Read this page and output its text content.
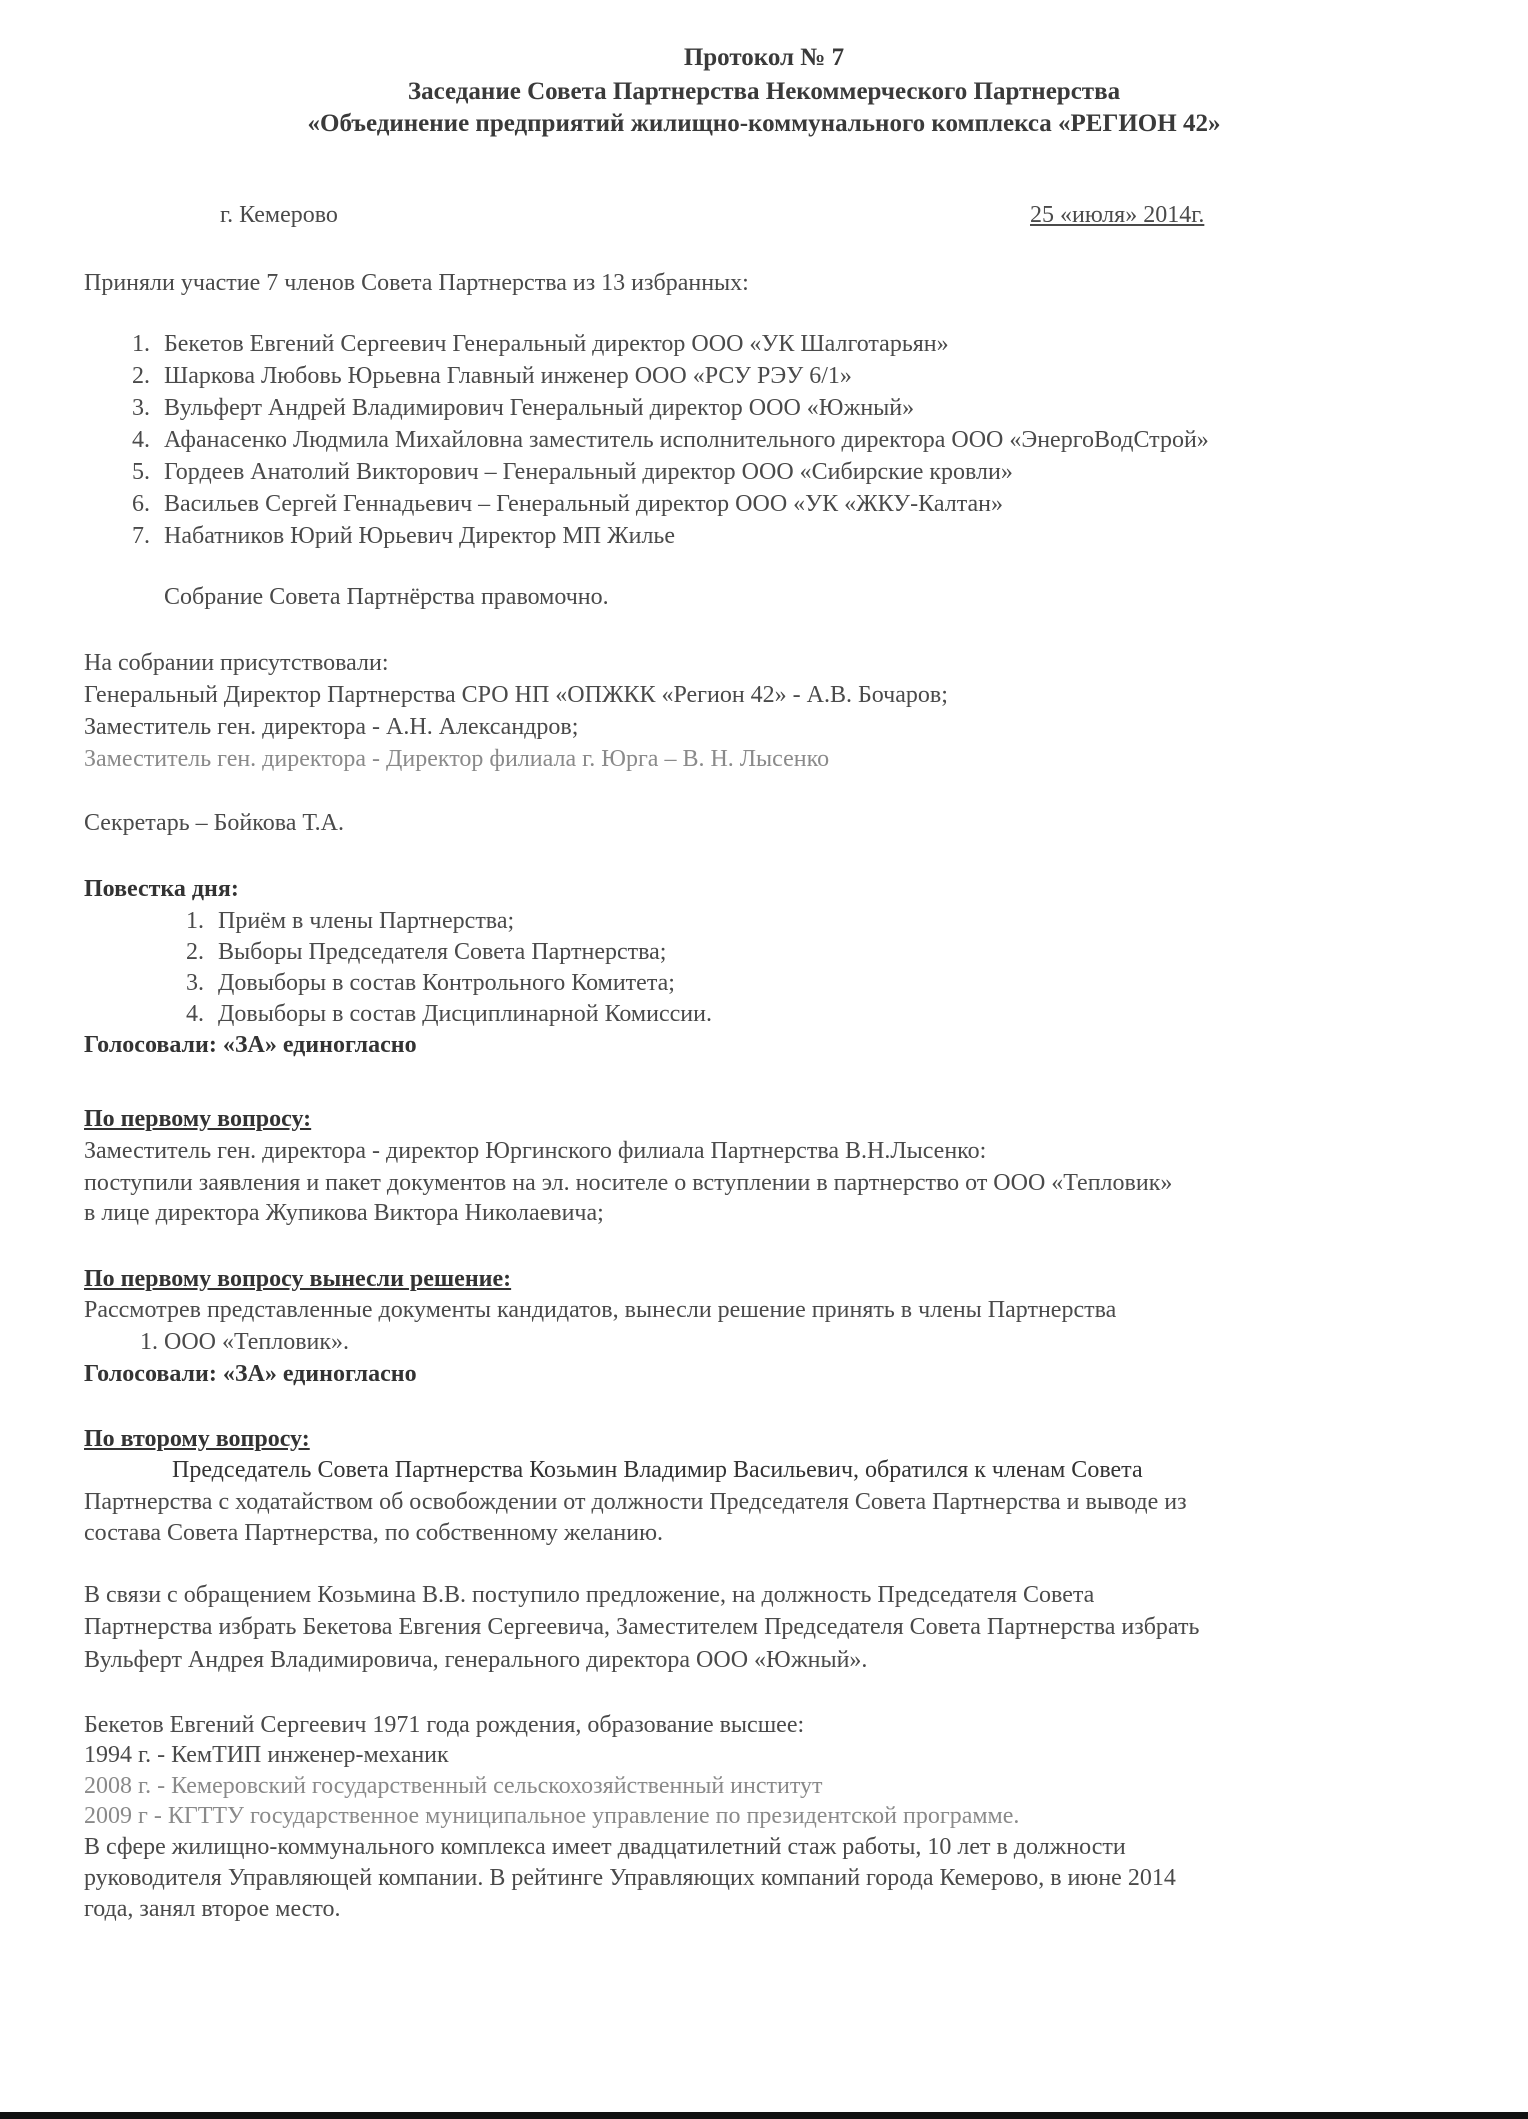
Протокол № 7
Заседание Совета Партнерства Некоммерческого Партнерства
«Объединение предприятий жилищно-коммунального комплекса «РЕГИОН 42»
г. Кемерово	25 «июля» 2014г.
Приняли участие 7 членов Совета Партнерства из 13 избранных:
1. Бекетов Евгений Сергеевич Генеральный директор ООО «УК Шалготарьян»
2. Шаркова Любовь Юрьевна Главный инженер ООО «РСУ РЭУ 6/1»
3. Вульферт Андрей Владимирович Генеральный директор ООО «Южный»
4. Афанасенко Людмила Михайловна заместитель исполнительного директора ООО «ЭнергоВодСтрой»
5. Гордеев Анатолий Викторович – Генеральный директор ООО «Сибирские кровли»
6. Васильев Сергей Геннадьевич – Генеральный директор ООО «УК «ЖКУ-Калтан»
7. Набатников Юрий Юрьевич Директор МП Жилье
Собрание Совета Партнёрства правомочно.
На собрании присутствовали:
Генеральный Директор Партнерства СРО НП «ОПЖКК «Регион 42» - А.В. Бочаров;
Заместитель ген. директора - А.Н. Александров;
Заместитель ген. директора - Директор филиала г. Юрга – В. Н. Лысенко
Секретарь – Бойкова Т.А.
Повестка дня:
1. Приём в члены Партнерства;
2. Выборы Председателя Совета Партнерства;
3. Довыборы в состав Контрольного Комитета;
4. Довыборы в состав Дисциплинарной Комиссии.
Голосовали: «ЗА» единогласно
По первому вопросу:
Заместитель ген. директора - директор Юргинского филиала Партнерства В.Н.Лысенко:
поступили заявления и пакет документов на эл. носителе о вступлении в партнерство от ООО «Тепловик»
в лице директора Жупикова Виктора Николаевича;
По первому вопросу вынесли решение:
Рассмотрев представленные документы кандидатов, вынесли решение принять в члены Партнерства
1. ООО «Тепловик».
Голосовали: «ЗА» единогласно
По второму вопросу:
Председатель Совета Партнерства Козьмин Владимир Васильевич, обратился к членам Совета
Партнерства с ходатайством об освобождении от должности Председателя Совета Партнерства и выводе из
состава Совета Партнерства, по собственному желанию.
В связи с обращением Козьмина В.В. поступило предложение, на должность Председателя Совета
Партнерства избрать Бекетова Евгения Сергеевича, Заместителем Председателя Совета Партнерства избрать
Вульферт Андрея Владимировича, генерального директора ООО «Южный».
Бекетов Евгений Сергеевич 1971 года рождения, образование высшее:
1994 г. - КемТИП инженер-механик
2008 г. - Кемеровский государственный сельскохозяйственный институт
2009 г - КГТТУ государственное муниципальное управление по президентской программе.
В сфере жилищно-коммунального комплекса имеет двадцатилетний стаж работы, 10 лет в должности
руководителя Управляющей компании. В рейтинге Управляющих компаний города Кемерово, в июне 2014
года, занял второе место.
